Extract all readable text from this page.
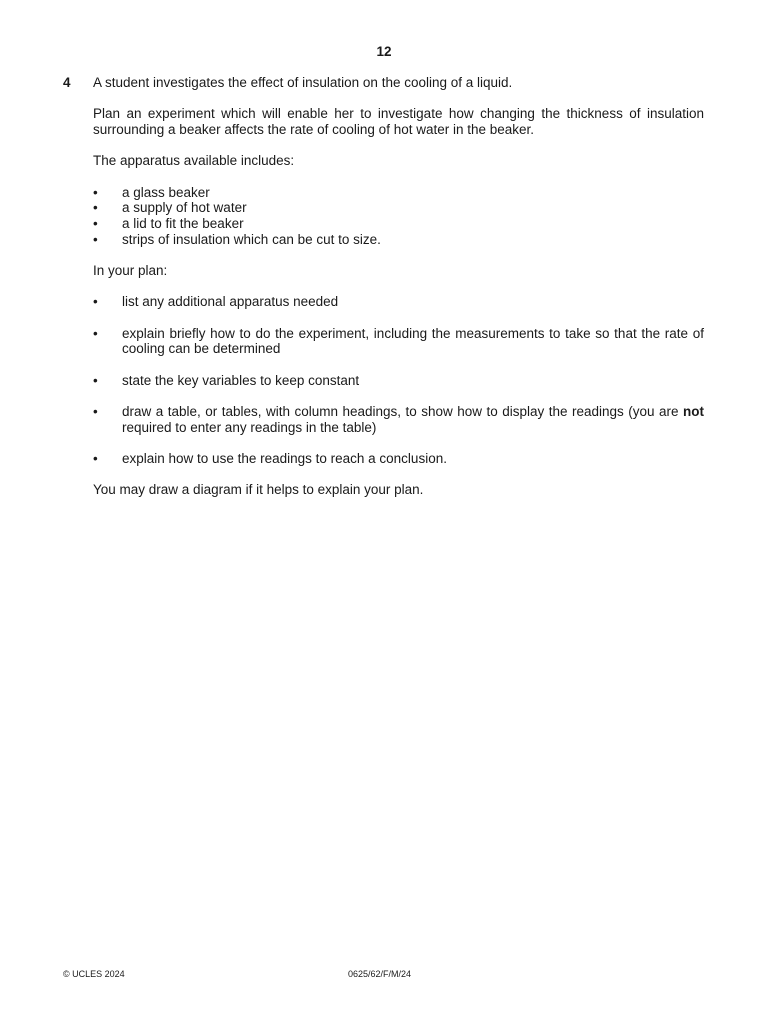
12
4 A student investigates the effect of insulation on the cooling of a liquid.

Plan an experiment which will enable her to investigate how changing the thickness of insulation surrounding a beaker affects the rate of cooling of hot water in the beaker.

The apparatus available includes:

• a glass beaker
• a supply of hot water
• a lid to fit the beaker
• strips of insulation which can be cut to size.

In your plan:

• list any additional apparatus needed
• explain briefly how to do the experiment, including the measurements to take so that the rate of cooling can be determined
• state the key variables to keep constant
• draw a table, or tables, with column headings, to show how to display the readings (you are not required to enter any readings in the table)
• explain how to use the readings to reach a conclusion.

You may draw a diagram if it helps to explain your plan.

© UCLES 2024	0625/62/F/M/24
